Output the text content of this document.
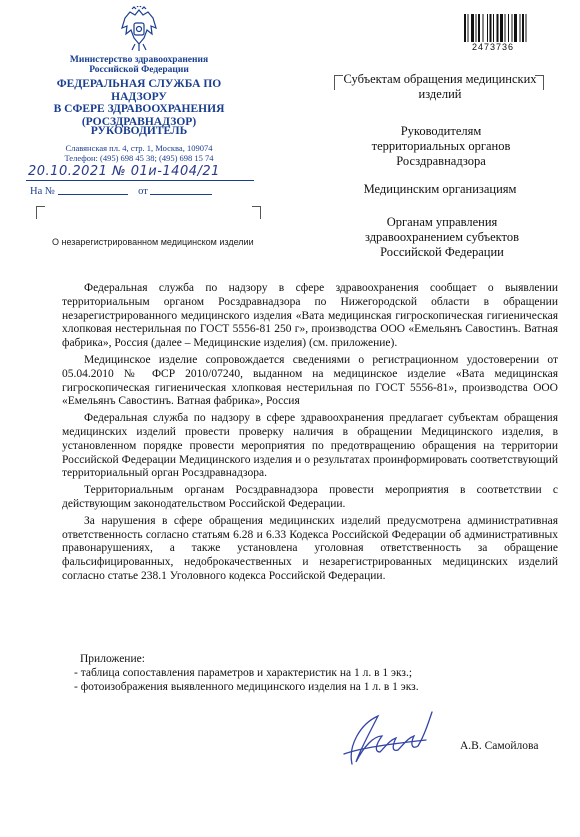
Министерство здравоохранения
Российской Федерации
ФЕДЕРАЛЬНАЯ СЛУЖБА ПО НАДЗОРУ
В СФЕРЕ ЗДРАВООХРАНЕНИЯ
(РОСЗДРАВНАДЗОР)
РУКОВОДИТЕЛЬ
Славянская пл. 4, стр. 1, Москва, 109074
Телефон: (495) 698 45 38; (495) 698 15 74
20.10.2021 № 01и-1404/21
На №	от
О незарегистрированном медицинском изделии
2473736
Субъектам обращения медицинских изделий
Руководителям территориальных органов Росздравнадзора
Медицинским организациям
Органам управления здравоохранением субъектов Российской Федерации

Федеральная служба по надзору в сфере здравоохранения сообщает о выявлении территориальным органом Росздравнадзора по Нижегородской области в обращении незарегистрированного медицинского изделия «Вата медицинская гигроскопическая гигиеническая хлопковая нестерильная по ГОСТ 5556-81 250 г», производства ООО «Емельянъ Савостинъ. Ватная фабрика», Россия (далее – Медицинские изделия) (см. приложение).

Медицинское изделие сопровождается сведениями о регистрационном удостоверении от 05.04.2010 № ФСР 2010/07240, выданном на медицинское изделие «Вата медицинская гигроскопическая гигиеническая хлопковая нестерильная по ГОСТ 5556-81», производства ООО «Емельянъ Савостинъ. Ватная фабрика», Россия

Федеральная служба по надзору в сфере здравоохранения предлагает субъектам обращения медицинских изделий провести проверку наличия в обращении Медицинского изделия, в установленном порядке провести мероприятия по предотвращению обращения на территории Российской Федерации Медицинского изделия и о результатах проинформировать соответствующий территориальный орган Росздравнадзора.

Территориальным органам Росздравнадзора провести мероприятия в соответствии с действующим законодательством Российской Федерации.

За нарушения в сфере обращения медицинских изделий предусмотрена административная ответственность согласно статьям 6.28 и 6.33 Кодекса Российской Федерации об административных правонарушениях, а также установлена уголовная ответственность за обращение фальсифицированных, недоброкачественных и незарегистрированных медицинских изделий согласно статье 238.1 Уголовного кодекса Российской Федерации.

Приложение:
- таблица сопоставления параметров и характеристик на 1 л. в 1 экз.;
- фотоизображения выявленного медицинского изделия на 1 л. в 1 экз.
А.В. Самойлова
